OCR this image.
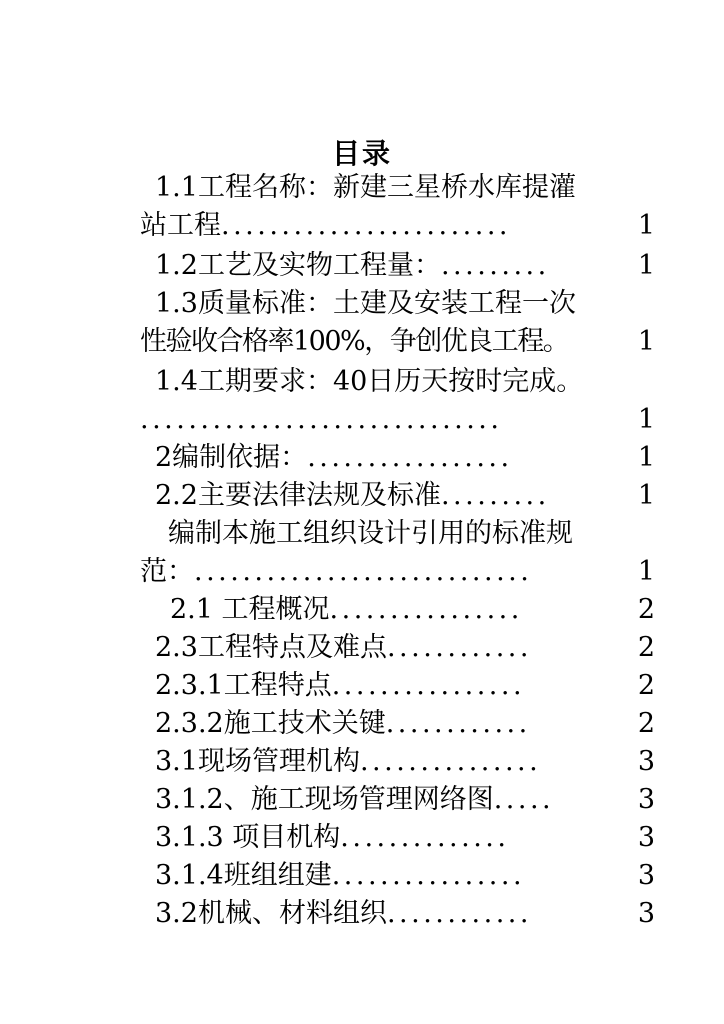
目录
1.1工程名称：新建三星桥水库提灌
站工程 ........................	1
1.2工艺及实物工程量： .........	1
1.3质量标准：土建及安装工程一次
性验收合格率100%，争创优良工程。	1
1.4工期要求：40日历天按时完成。
..............................	1
2编制依据： .................	1
2.2主要法律法规及标准 .........	1
编制本施工组织设计引用的标准规
范： ............................	1
2.1 工程概况 ................	2
2.3工程特点及难点 ............	2
2.3.1工程特点 ................	2
2.3.2施工技术关键 ............	2
3.1现场管理机构 ...............	3
3.1.2、施工现场管理网络图 .....	3
3.1.3 项目机构 ..............	3
3.1.4班组组建 ................	3
3.2机械、材料组织 ............	3
